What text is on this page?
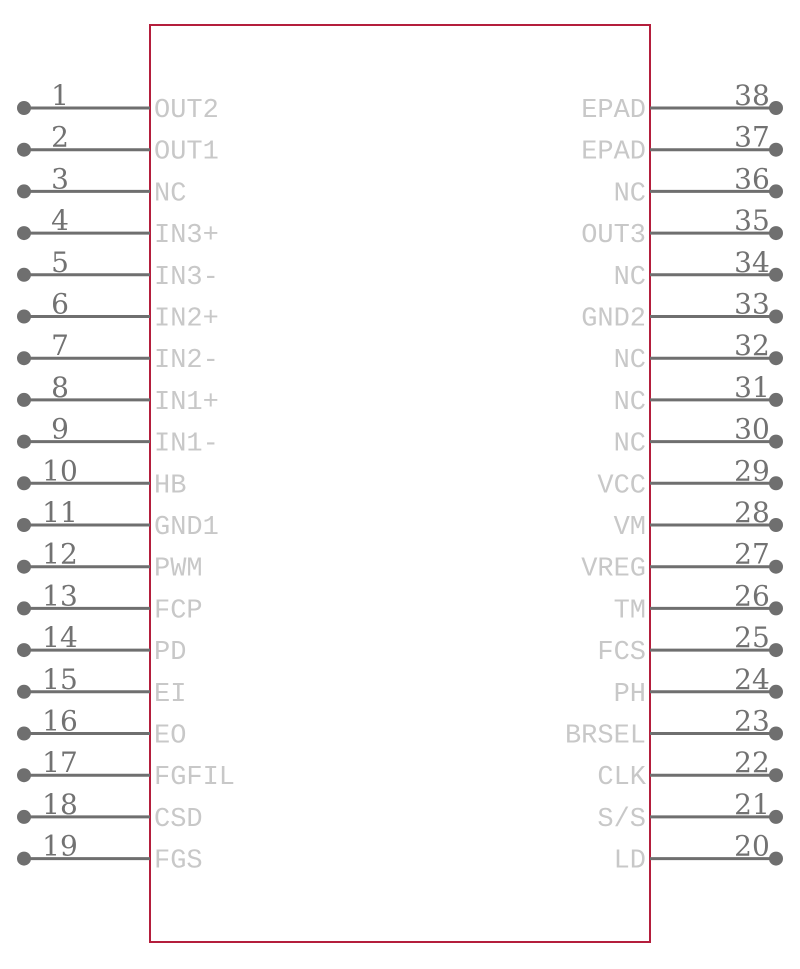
1	OUT2
2	OUT1
3	NC
4	IN3+
5	IN3-
6	IN2+
7	IN2-
8	IN1+
9	IN1-
10	HB
11	GND1
12	PWM
13	FCP
14	PD
15	EI
16	EO
17	FGFIL
18	CSD
19	FGS
38
EPAD
37
EPAD
36
NC
35
OUT3
34
NC
33
GND2
32
NC
31
NC
30
NC
29
VCC
28
VM
27
VREG
26
TM
25
FCS
24
PH
23
BRSEL
22
CLK
21
S/S
20
LD
